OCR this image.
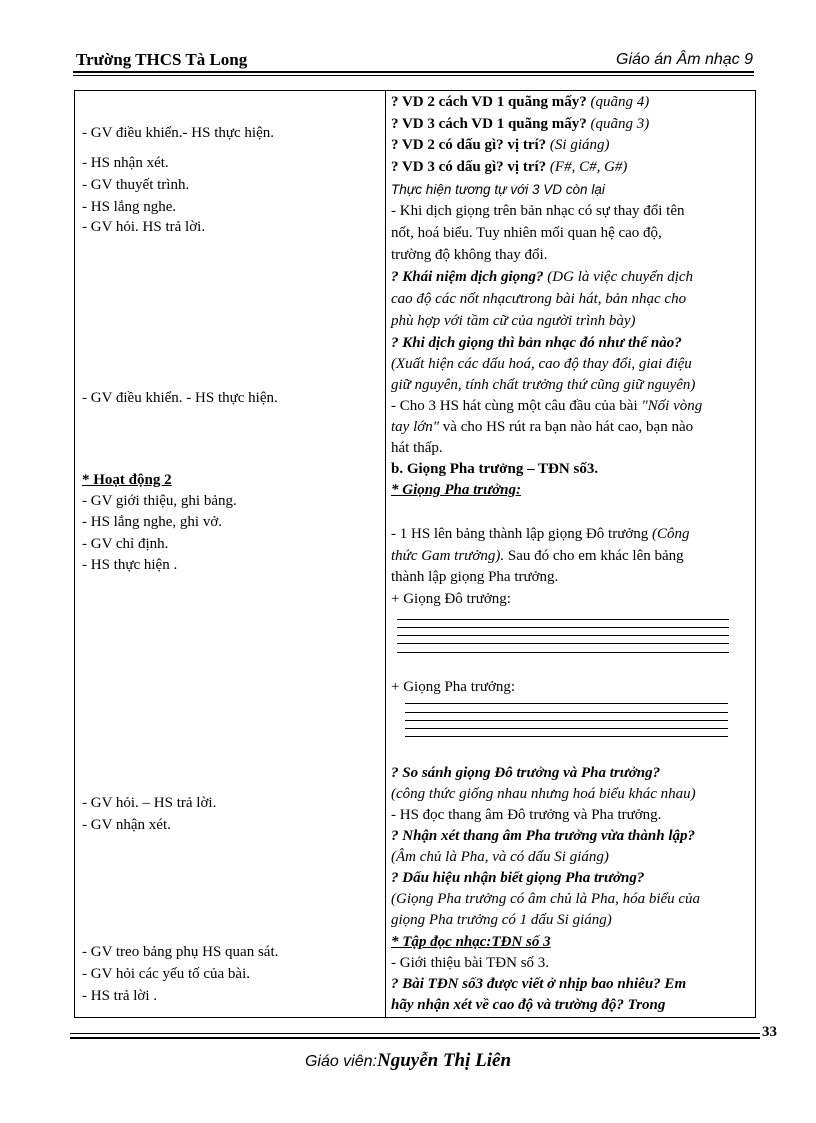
Trường THCS Tà Long	Giáo án Âm nhạc 9
- GV điều khiển.- HS thực hiện.
- HS nhận xét.
- GV thuyết trình.
- HS lắng nghe.
- GV hỏi. HS trả lời.
- GV điều khiển. - HS thực hiện.
* Hoạt động 2
- GV giới thiệu, ghi bảng.
- HS lắng nghe, ghi vở.
- GV chỉ định.
- HS thực hiện .
- GV hỏi. – HS trả lời.
- GV nhận xét.
- GV treo bảng phụ HS quan sát.
- GV hỏi các yếu tố của bài.
- HS trả lời .
? VD 2 cách VD 1 quãng mấy? (quãng 4)
? VD 3 cách VD 1 quãng mấy? (quãng 3)
? VD 2 có dấu gì? vị trí? (Si giáng)
? VD 3 có dấu gì? vị trí? (F#, C#, G#)
Thực hiện tương tự với 3 VD còn lại
- Khi dịch giọng trên bản nhạc có sự thay đổi tên
nốt, hoá biểu. Tuy nhiên mối quan hệ cao độ,
trường độ không thay đổi.
? Khái niệm dịch giọng? (DG là việc chuyển dịch
cao độ các nốt nhạcưtrong bài hát, bản nhạc cho
phù hợp với tầm cữ của người trình bày)
? Khi dịch giọng thì bản nhạc đó như thế nào?
(Xuất hiện các dấu hoá, cao độ thay đổi, giai điệu
giữ nguyên, tính chất trưởng thứ cũng giữ nguyên)
- Cho 3 HS hát cùng một câu đầu của bài "Nối vòng
tay lớn" và cho HS rút ra bạn nào hát cao, bạn nào
hát thấp.
b. Giọng Pha trưởng – TĐN số3.
* Giọng Pha trưởng:
- 1 HS lên bảng thành lập giọng Đô trưởng (Công
thức Gam trưởng). Sau đó cho em khác lên bảng
thành lập giọng Pha trưởng.
+ Giọng Đô trưởng:
+ Giọng Pha trưởng:
? So sánh giọng Đô trưởng và Pha trưởng?
(công thức giống nhau nhưng hoá biểu khác nhau)
- HS đọc thang âm Đô trưởng và Pha trưởng.
? Nhận xét thang âm Pha trưởng vừa thành lập?
(Âm chủ là Pha, và có dấu Si giáng)
? Dấu hiệu nhận biết giọng Pha trưởng?
(Giọng Pha trưởng có âm chủ là Pha, hóa biểu của
giọng Pha trưởng có 1 dấu Si giáng)
* Tập đọc nhạc:TĐN số 3
- Giới thiệu bài TĐN số 3.
? Bài TĐN số3 được viết ở nhịp bao nhiêu? Em
hãy nhận xét về cao độ và trường độ? Trong
33
Giáo viên:Nguyễn Thị Liên
